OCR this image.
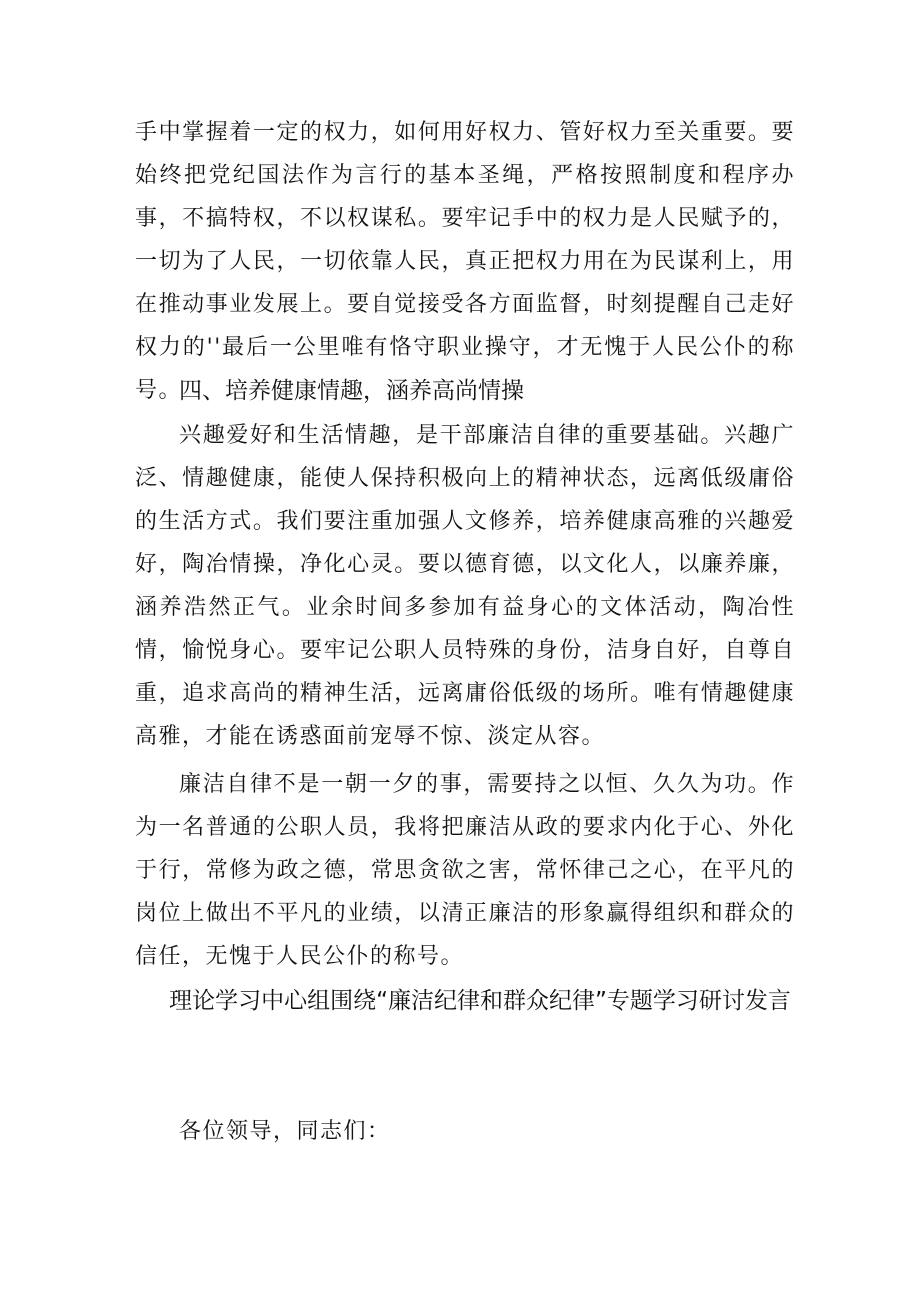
手中掌握着一定的权力，如何用好权力、管好权力至关重要。要始终把党纪国法作为言行的基本圣绳，严格按照制度和程序办事，不搞特权，不以权谋私。要牢记手中的权力是人民赋予的，一切为了人民，一切依靠人民，真正把权力用在为民谋利上，用在推动事业发展上。要自觉接受各方面监督，时刻提醒自己走好权力的''最后一公里唯有恪守职业操守，才无愧于人民公仆的称号。

四、培养健康情趣，涵养高尚情操

兴趣爱好和生活情趣，是干部廉洁自律的重要基础。兴趣广泛、情趣健康，能使人保持积极向上的精神状态，远离低级庸俗的生活方式。我们要注重加强人文修养，培养健康高雅的兴趣爱好，陶冶情操，净化心灵。要以德育德，以文化人，以廉养廉，涵养浩然正气。业余时间多参加有益身心的文体活动，陶冶性情，愉悦身心。要牢记公职人员特殊的身份，洁身自好，自尊自重，追求高尚的精神生活，远离庸俗低级的场所。唯有情趣健康高雅，才能在诱惑面前宠辱不惊、淡定从容。

廉洁自律不是一朝一夕的事，需要持之以恒、久久为功。作为一名普通的公职人员，我将把廉洁从政的要求内化于心、外化于行，常修为政之德，常思贪欲之害，常怀律己之心，在平凡的岗位上做出不平凡的业绩，以清正廉洁的形象赢得组织和群众的信任，无愧于人民公仆的称号。

理论学习中心组围绕“廉洁纪律和群众纪律”专题学习研讨发言

各位领导，同志们：
